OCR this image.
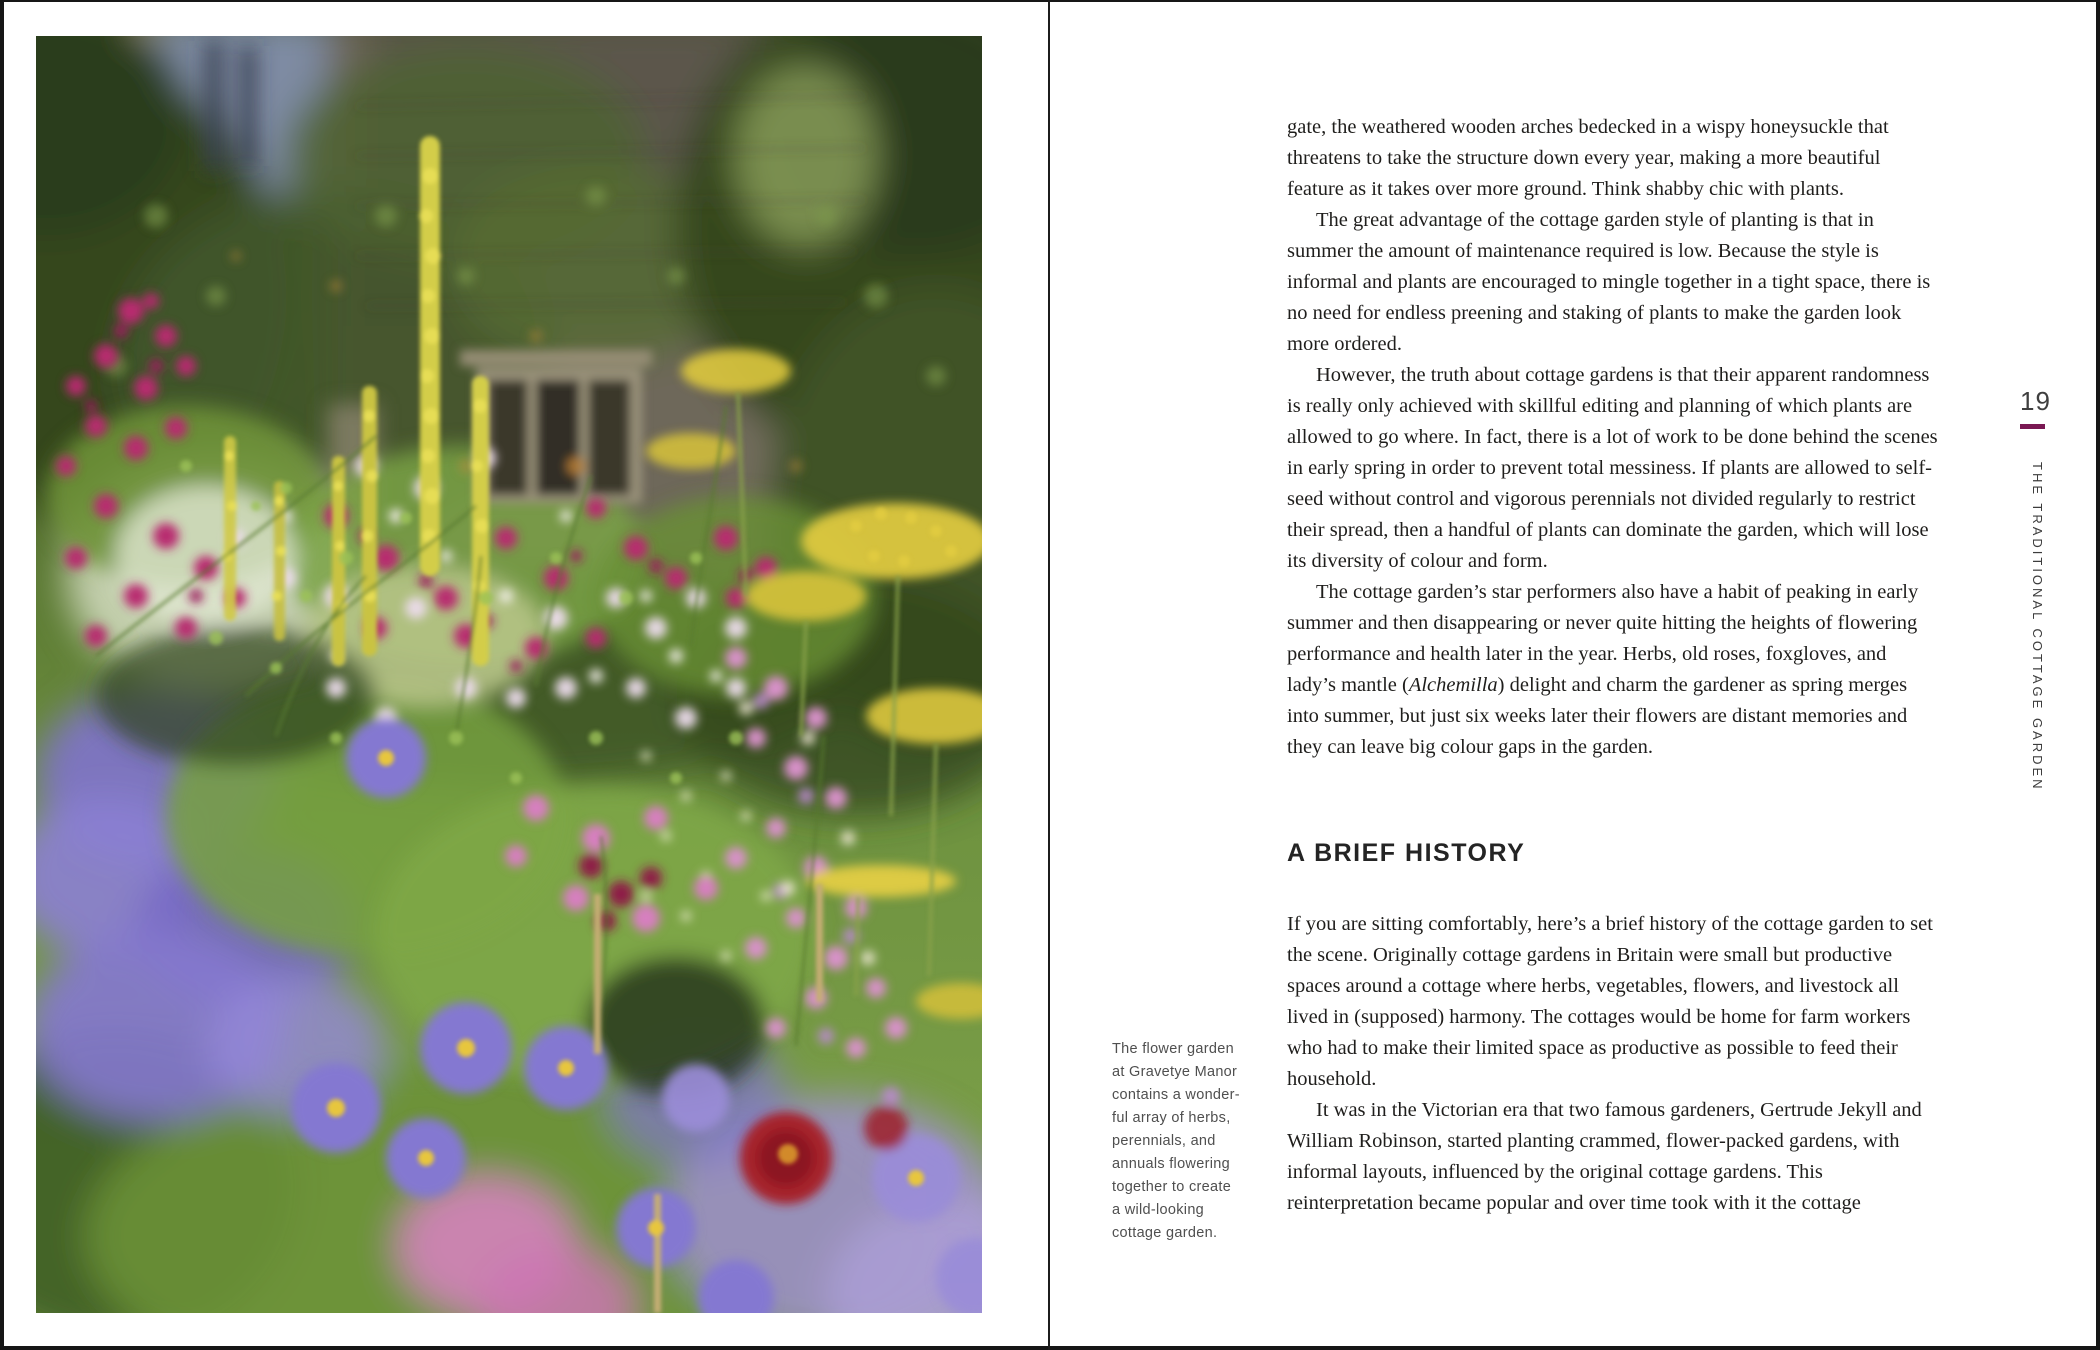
The flower garden
at Gravetye Manor
contains a wonder-
ful array of herbs,
perennials, and
annuals flowering
together to create
a wild-looking
cottage garden.

gate, the weathered wooden arches bedecked in a wispy honeysuckle that threatens to take the structure down every year, making a more beautiful feature as it takes over more ground. Think shabby chic with plants.

The great advantage of the cottage garden style of planting is that in summer the amount of maintenance required is low. Because the style is informal and plants are encouraged to mingle together in a tight space, there is no need for endless preening and staking of plants to make the garden look more ordered.

However, the truth about cottage gardens is that their apparent randomness is really only achieved with skillful editing and planning of which plants are allowed to go where. In fact, there is a lot of work to be done behind the scenes in early spring in order to prevent total messiness. If plants are allowed to self-seed without control and vigorous perennials not divided regularly to restrict their spread, then a handful of plants can dominate the garden, which will lose its diversity of colour and form.

The cottage garden’s star performers also have a habit of peaking in early summer and then disappearing or never quite hitting the heights of flowering performance and health later in the year. Herbs, old roses, foxgloves, and lady’s mantle (Alchemilla) delight and charm the gardener as spring merges into summer, but just six weeks later their flowers are distant memories and they can leave big colour gaps in the garden.

A BRIEF HISTORY

If you are sitting comfortably, here’s a brief history of the cottage garden to set the scene. Originally cottage gardens in Britain were small but productive spaces around a cottage where herbs, vegetables, flowers, and livestock all lived in (supposed) harmony. The cottages would be home for farm workers who had to make their limited space as productive as possible to feed their household.

It was in the Victorian era that two famous gardeners, Gertrude Jekyll and William Robinson, started planting crammed, flower-packed gardens, with informal layouts, influenced by the original cottage gardens. This reinterpretation became popular and over time took with it the cottage

19
THE TRADITIONAL COTTAGE GARDEN
